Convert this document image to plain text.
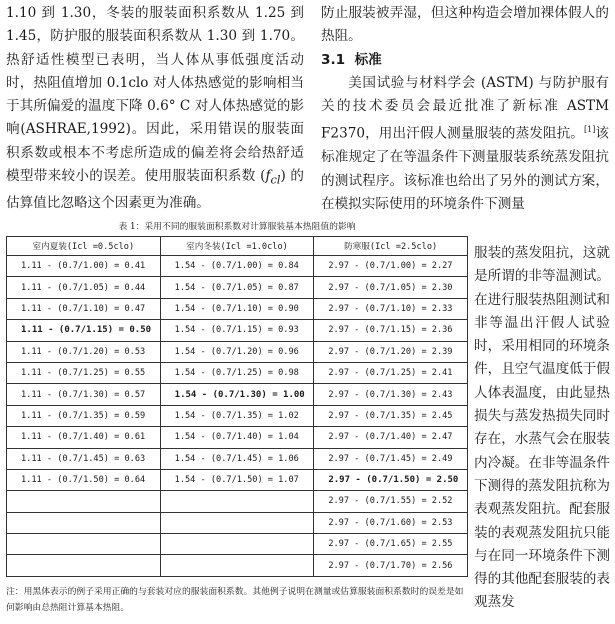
1.10 到 1.30，冬装的服装面积系数从 1.25 到 1.45，防护服的服装面积系数从 1.30 到 1.70。热舒适性模型已表明，当人体从事低强度活动时，热阻值增加 0.1clo 对人体热感觉的影响相当于其所偏爱的温度下降 0.6° C 对人体热感觉的影响(ASHRAE,1992)。因此，采用错误的服装面积系数或根本不考虑所造成的偏差将会给热舒适模型带来较小的误差。使用服装面积系数 $(f_{cl})$ 的估算值比忽略这个因素更为准确。

防止服装被弄湿，但这种构造会增加裸体假人的热阻。

3.1 标准

美国试验与材料学会 (ASTM) 与防护服有关的技术委员会最近批准了新标准 ASTM F2370，用出汗假人测量服装的蒸发阻抗。[1]该标准规定了在等温条件下测量服装系统蒸发阻抗的测试程序。该标准也给出了另外的测试方案，在模拟实际使用的环境条件下测量

服装的蒸发阻抗，这就是所谓的非等温测试。在进行服装热阻测试和非等温出汗假人试验时，采用相同的环境条件，且空气温度低于假人体表温度，由此显热损失与蒸发热损失同时存在，水蒸气会在服装内冷凝。在非等温条件下测得的蒸发阻抗称为表观蒸发阻抗。配套服装的表观蒸发阻抗只能与在同一环境条件下测得的其他配套服装的表观蒸发

表 1：采用不同的服装面积系数对计算服装基本热阻值的影响
室内夏装(Icl =0.5clo)	室内冬装(Icl =1.0clo)	防寒服(Icl =2.5clo)
1.11 - (0.7/1.00) = 0.41	1.54 - (0.7/1.00) = 0.84	2.97 - (0.7/1.00) = 2.27
1.11 - (0.7/1.05) = 0.44	1.54 - (0.7/1.05) = 0.87	2.97 - (0.7/1.05) = 2.30
1.11 - (0.7/1.10) = 0.47	1.54 - (0.7/1.10) = 0.90	2.97 - (0.7/1.10) = 2.33
1.11 - (0.7/1.15) = 0.50	1.54 - (0.7/1.15) = 0.93	2.97 - (0.7/1.15) = 2.36
1.11 - (0.7/1.20) = 0.53	1.54 - (0.7/1.20) = 0.96	2.97 - (0.7/1.20) = 2.39
1.11 - (0.7/1.25) = 0.55	1.54 - (0.7/1.25) = 0.98	2.97 - (0.7/1.25) = 2.41
1.11 - (0.7/1.30) = 0.57	1.54 - (0.7/1.30) = 1.00	2.97 - (0.7/1.30) = 2.43
1.11 - (0.7/1.35) = 0.59	1.54 - (0.7/1.35) = 1.02	2.97 - (0.7/1.35) = 2.45
1.11 - (0.7/1.40) = 0.61	1.54 - (0.7/1.40) = 1.04	2.97 - (0.7/1.40) = 2.47
1.11 - (0.7/1.45) = 0.63	1.54 - (0.7/1.45) = 1.06	2.97 - (0.7/1.45) = 2.49
1.11 - (0.7/1.50) = 0.64	1.54 - (0.7/1.50) = 1.07	2.97 - (0.7/1.50) = 2.50
		2.97 - (0.7/1.55) = 2.52
		2.97 - (0.7/1.60) = 2.53
		2.97 - (0.7/1.65) = 2.55
		2.97 - (0.7/1.70) = 2.56
注：用黑体表示的例子采用正确的与套装对应的服装面积系数。其他例子说明在测量或估算服装面积系数时的误差是如何影响由总热阻计算基本热阻。
